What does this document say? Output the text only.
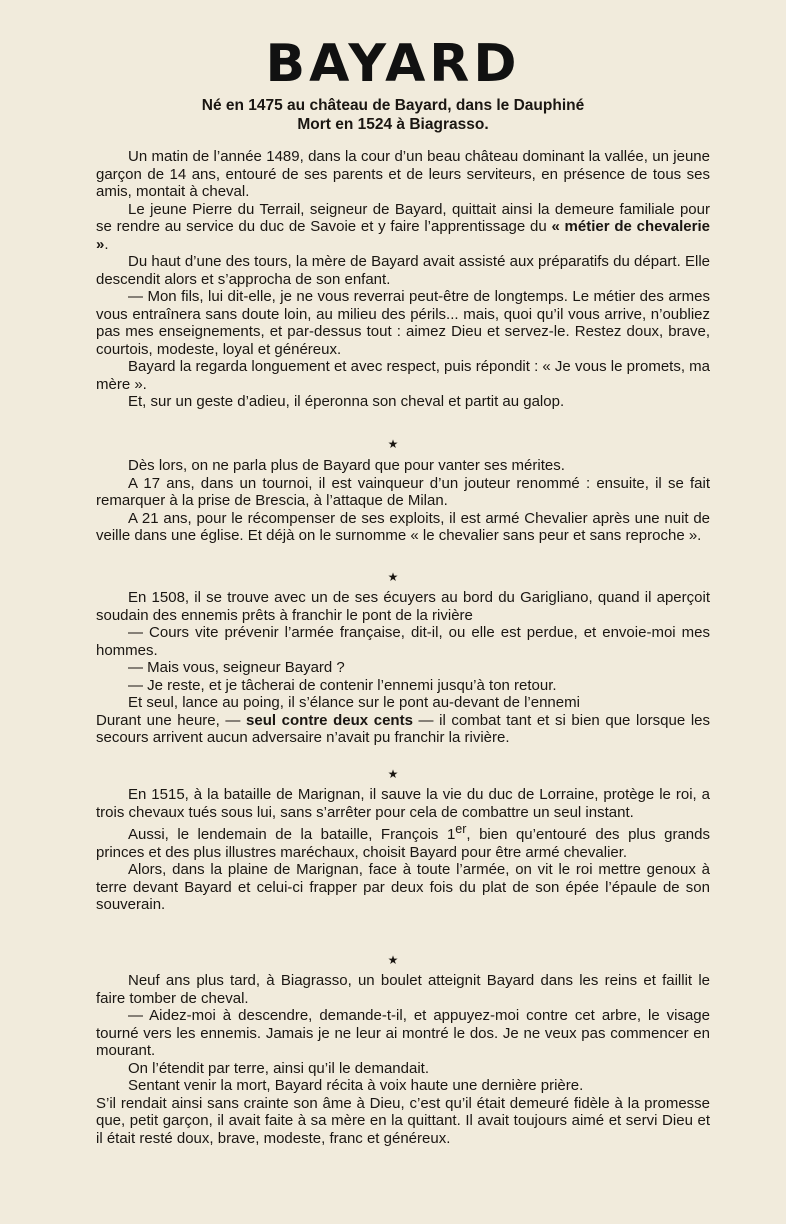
BAYARD
Né en 1475 au château de Bayard, dans le Dauphiné
Mort en 1524 à Biagrasso.

Un matin de l’année 1489, dans la cour d’un beau château dominant la vallée, un jeune garçon de 14 ans, entouré de ses parents et de leurs serviteurs, en présence de tous ses amis, montait à cheval.

Le jeune Pierre du Terrail, seigneur de Bayard, quittait ainsi la demeure familiale pour se rendre au service du duc de Savoie et y faire l’apprentissage du « métier de chevalerie ».

Du haut d’une des tours, la mère de Bayard avait assisté aux préparatifs du départ. Elle descendit alors et s’approcha de son enfant.

— Mon fils, lui dit-elle, je ne vous reverrai peut-être de longtemps. Le métier des armes vous entraînera sans doute loin, au milieu des périls... mais, quoi qu’il vous arrive, n’oubliez pas mes enseignements, et par-dessus tout : aimez Dieu et servez-le. Restez doux, brave, courtois, modeste, loyal et généreux.

Bayard la regarda longuement et avec respect, puis répondit : « Je vous le promets, ma mère ».

Et, sur un geste d’adieu, il éperonna son cheval et partit au galop.

★

Dès lors, on ne parla plus de Bayard que pour vanter ses mérites.

A 17 ans, dans un tournoi, il est vainqueur d’un jouteur renommé : ensuite, il se fait remarquer à la prise de Brescia, à l’attaque de Milan.

A 21 ans, pour le récompenser de ses exploits, il est armé Chevalier après une nuit de veille dans une église. Et déjà on le surnomme « le chevalier sans peur et sans reproche ».

★

En 1508, il se trouve avec un de ses écuyers au bord du Garigliano, quand il aperçoit soudain des ennemis prêts à franchir le pont de la rivière

— Cours vite prévenir l’armée française, dit-il, ou elle est perdue, et envoie-moi mes hommes.

— Mais vous, seigneur Bayard ?

— Je reste, et je tâcherai de contenir l’ennemi jusqu’à ton retour.

Et seul, lance au poing, il s’élance sur le pont au-devant de l’ennemi

Durant une heure, — seul contre deux cents — il combat tant et si bien que lorsque les secours arrivent aucun adversaire n’avait pu franchir la rivière.

★

En 1515, à la bataille de Marignan, il sauve la vie du duc de Lorraine, protège le roi, a trois chevaux tués sous lui, sans s’arrêter pour cela de combattre un seul instant.

Aussi, le lendemain de la bataille, François 1er, bien qu’entouré des plus grands princes et des plus illustres maréchaux, choisit Bayard pour être armé chevalier.

Alors, dans la plaine de Marignan, face à toute l’armée, on vit le roi mettre genoux à terre devant Bayard et celui-ci frapper par deux fois du plat de son épée l’épaule de son souverain.

★

Neuf ans plus tard, à Biagrasso, un boulet atteignit Bayard dans les reins et faillit le faire tomber de cheval.

— Aidez-moi à descendre, demande-t-il, et appuyez-moi contre cet arbre, le visage tourné vers les ennemis. Jamais je ne leur ai montré le dos. Je ne veux pas commencer en mourant.

On l’étendit par terre, ainsi qu’il le demandait.

Sentant venir la mort, Bayard récita à voix haute une dernière prière.

S’il rendait ainsi sans crainte son âme à Dieu, c’est qu’il était demeuré fidèle à la promesse que, petit garçon, il avait faite à sa mère en la quittant. Il avait toujours aimé et servi Dieu et il était resté doux, brave, modeste, franc et généreux.
